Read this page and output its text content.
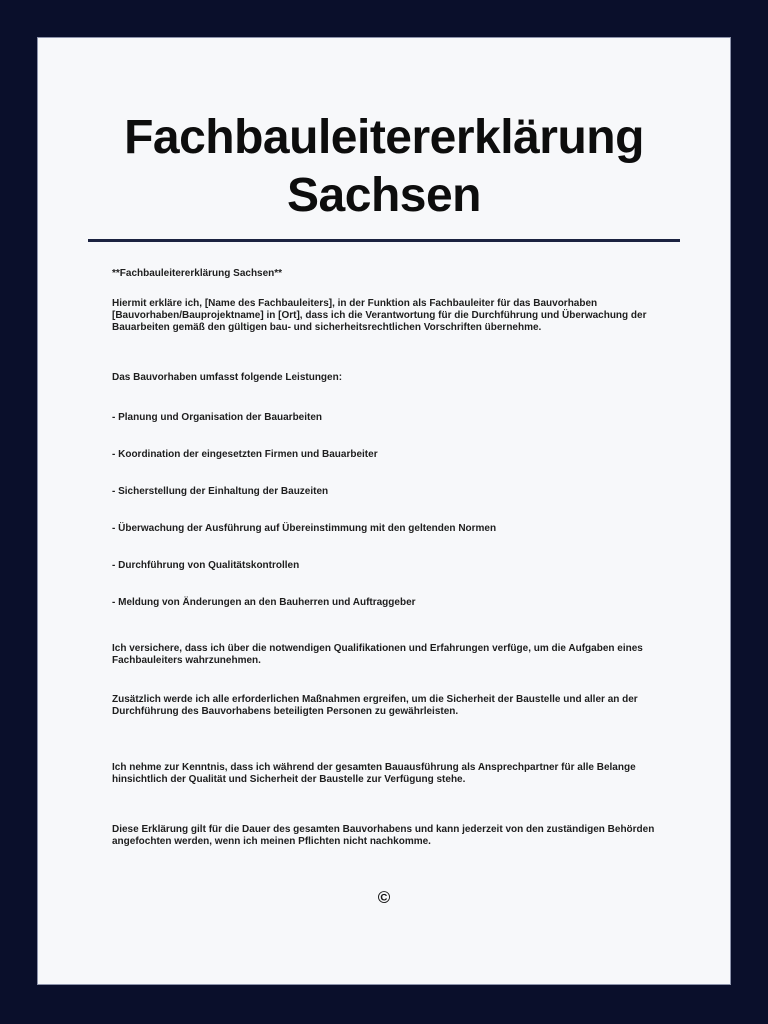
Fachbauleitererklärung Sachsen

**Fachbauleitererklärung Sachsen**

Hiermit erkläre ich, [Name des Fachbauleiters], in der Funktion als Fachbauleiter für das Bauvorhaben [Bauvorhaben/Bauprojektname] in [Ort], dass ich die Verantwortung für die Durchführung und Überwachung der Bauarbeiten gemäß den gültigen bau- und sicherheitsrechtlichen Vorschriften übernehme.

Das Bauvorhaben umfasst folgende Leistungen:

- Planung und Organisation der Bauarbeiten

- Koordination der eingesetzten Firmen und Bauarbeiter

- Sicherstellung der Einhaltung der Bauzeiten

- Überwachung der Ausführung auf Übereinstimmung mit den geltenden Normen

- Durchführung von Qualitätskontrollen

- Meldung von Änderungen an den Bauherren und Auftraggeber

Ich versichere, dass ich über die notwendigen Qualifikationen und Erfahrungen verfüge, um die Aufgaben eines Fachbauleiters wahrzunehmen.

Zusätzlich werde ich alle erforderlichen Maßnahmen ergreifen, um die Sicherheit der Baustelle und aller an der Durchführung des Bauvorhabens beteiligten Personen zu gewährleisten.

Ich nehme zur Kenntnis, dass ich während der gesamten Bauausführung als Ansprechpartner für alle Belange hinsichtlich der Qualität und Sicherheit der Baustelle zur Verfügung stehe.

Diese Erklärung gilt für die Dauer des gesamten Bauvorhabens und kann jederzeit von den zuständigen Behörden angefochten werden, wenn ich meinen Pflichten nicht nachkomme.

©
